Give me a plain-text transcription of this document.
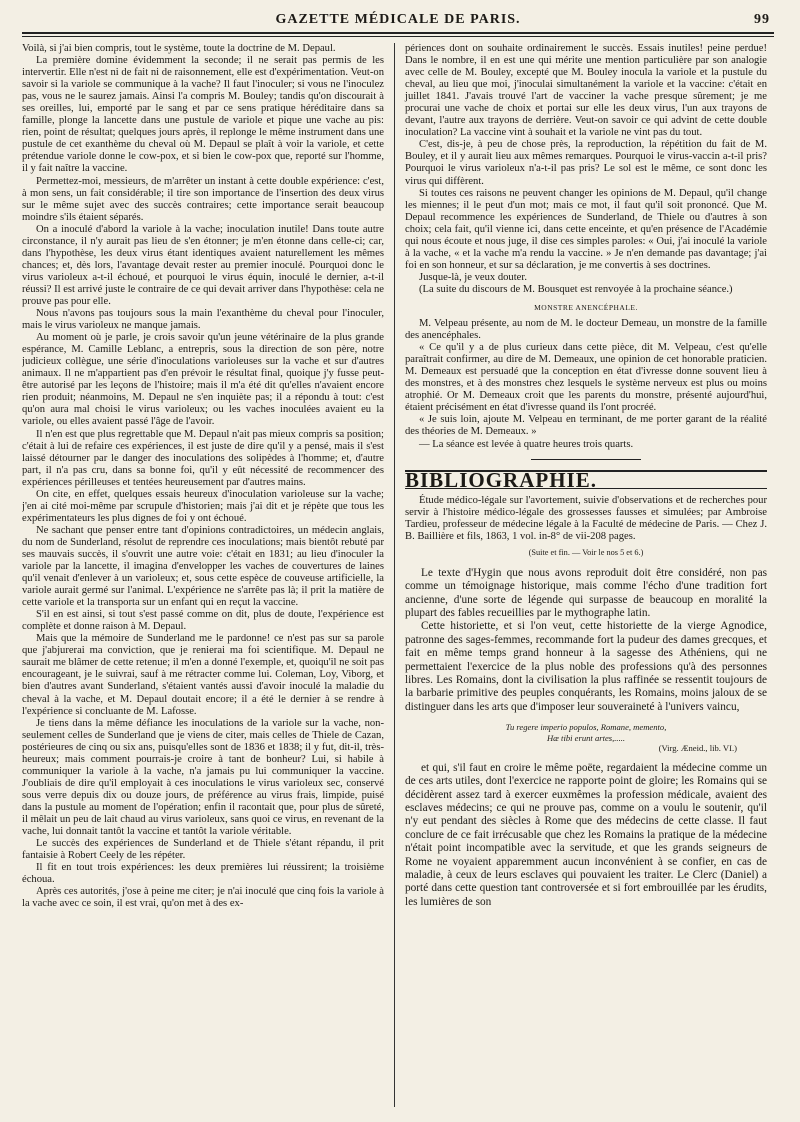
GAZETTE MÉDICALE DE PARIS.	99

Voilà, si j'ai bien compris, tout le système, toute la doctrine de M. Depaul.

La première domine évidemment la seconde; il ne serait pas permis de les intervertir. Elle n'est ni de fait ni de raisonnement, elle est d'expérimentation. Veut-on savoir si la variole se communique à la vache? Il faut l'inoculer; si vous ne l'inoculez pas, vous ne le saurez jamais. Ainsi l'a compris M. Bouley; tandis qu'on discourait à ses oreilles, lui, emporté par le sang et par ce sens pratique héréditaire dans sa famille, plonge la lancette dans une pustule de variole et pique une vache au pis: rien, point de résultat; quelques jours après, il replonge le même instrument dans une pustule de cet exanthème du cheval où M. Depaul se plaît à voir la variole, et cette prétendue variole donne le cow-pox, et si bien le cow-pox que, reporté sur l'homme, il y fait naître la vaccine.

Permettez-moi, messieurs, de m'arrêter un instant à cette double expérience: c'est, à mon sens, un fait considérable; il tire son importance de l'insertion des deux virus sur le même sujet avec des succès contraires; cette importance serait beaucoup moindre s'ils étaient séparés.

On a inoculé d'abord la variole à la vache; inoculation inutile! Dans toute autre circonstance, il n'y aurait pas lieu de s'en étonner; je m'en étonne dans celle-ci; car, dans l'hypothèse, les deux virus étant identiques avaient naturellement les mêmes chances; et, dès lors, l'avantage devait rester au premier inoculé. Pourquoi donc le virus varioleux a-t-il échoué, et pourquoi le virus équin, inoculé le dernier, a-t-il réussi? Il est arrivé juste le contraire de ce qui devait arriver dans l'hypothèse: cela ne prouve pas pour elle.

Nous n'avons pas toujours sous la main l'exanthème du cheval pour l'inoculer, mais le virus varioleux ne manque jamais.

Au moment où je parle, je crois savoir qu'un jeune vétérinaire de la plus grande espérance, M. Camille Leblanc, a entrepris, sous la direction de son père, notre judicieux collègue, une série d'inoculations varioleuses sur la vache et sur d'autres animaux. Il ne m'appartient pas d'en prévoir le résultat final, quoique j'y fusse peut-être autorisé par les leçons de l'histoire; mais il m'a été dit qu'elles n'avaient encore rien produit; néanmoins, M. Depaul ne s'en inquiète pas; il a répondu à tout: c'est qu'on aura mal choisi le virus varioleux; ou les vaches inoculées avaient eu la variole, ou elles avaient passé l'âge de l'avoir.

Il n'en est que plus regrettable que M. Depaul n'ait pas mieux compris sa position; c'était à lui de refaire ces expériences, il est juste de dire qu'il y a pensé, mais il s'est laissé détourner par le danger des inoculations des solipèdes à l'homme; et, d'autre part, il n'a pas cru, dans sa bonne foi, qu'il y eût nécessité de recommencer des expériences périlleuses et tentées heureusement par d'autres mains.

On cite, en effet, quelques essais heureux d'inoculation varioleuse sur la vache; j'en ai cité moi-même par scrupule d'historien; mais j'ai dit et je répète que tous les expérimentateurs les plus dignes de foi y ont échoué.

Ne sachant que penser entre tant d'opinions contradictoires, un médecin anglais, du nom de Sunderland, résolut de reprendre ces inoculations; mais bientôt rebuté par ses mauvais succès, il s'ouvrit une autre voie: c'était en 1831; au lieu d'inoculer la variole par la lancette, il imagina d'envelopper les vaches de couvertures de laines qu'il venait d'enlever à un varioleux; et, sous cette espèce de couveuse artificielle, la variole aurait germé sur l'animal. L'expérience ne s'arrête pas là; il prit la matière de cette variole et la transporta sur un enfant qui en reçut la vaccine.

S'il en est ainsi, si tout s'est passé comme on dit, plus de doute, l'expérience est complète et donne raison à M. Depaul.

Mais que la mémoire de Sunderland me le pardonne! ce n'est pas sur sa parole que j'abjurerai ma conviction, que je renierai ma foi scientifique. M. Depaul ne saurait me blâmer de cette retenue; il m'en a donné l'exemple, et, quoiqu'il ne soit pas encourageant, je le suivrai, sauf à me rétracter comme lui. Coleman, Loy, Viborg, et bien d'autres avant Sunderland, s'étaient vantés aussi d'avoir inoculé la maladie du cheval à la vache, et M. Depaul doutait encore; il a été le dernier à se rendre à l'expérience si concluante de M. Lafosse.

Je tiens dans la même défiance les inoculations de la variole sur la vache, non-seulement celles de Sunderland que je viens de citer, mais celles de Thiele de Cazan, postérieures de cinq ou six ans, puisqu'elles sont de 1836 et 1838; il y fut, dit-il, très-heureux; mais comment pourrais-je croire à tant de bonheur? Lui, si habile à communiquer la variole à la vache, n'a jamais pu lui communiquer la vaccine. J'oubliais de dire qu'il employait à ces inoculations le virus varioleux sec, conservé sous verre depuis dix ou douze jours, de préférence au virus frais, limpide, puisé dans la pustule au moment de l'opération; enfin il racontait que, pour plus de sûreté, il mêlait un peu de lait chaud au virus varioleux, sans quoi ce virus, en revenant de la vache, lui donnait tantôt la vaccine et tantôt la variole véritable.

Le succès des expériences de Sunderland et de Thiele s'étant répandu, il prit fantaisie à Robert Ceely de les répéter.

Il fit en tout trois expériences: les deux premières lui réussirent; la troisième échoua.

Après ces autorités, j'ose à peine me citer; je n'ai inoculé que cinq fois la variole à la vache avec ce soin, il est vrai, qu'on met à des ex-

périences dont on souhaite ordinairement le succès. Essais inutiles! peine perdue! Dans le nombre, il en est une qui mérite une mention particulière par son analogie avec celle de M. Bouley, excepté que M. Bouley inocula la variole et la pustule du cheval, au lieu que moi, j'inoculai simultanément la variole et la vaccine: c'était en juillet 1841. J'avais trouvé l'art de vacciner la vache presque sûrement; je me procurai une vache de choix et portai sur elle les deux virus, l'un aux trayons de devant, l'autre aux trayons de derrière. Veut-on savoir ce qui advint de cette double inoculation? La vaccine vint à souhait et la variole ne vint pas du tout.

C'est, dis-je, à peu de chose près, la reproduction, la répétition du fait de M. Bouley, et il y aurait lieu aux mêmes remarques. Pourquoi le virus-vaccin a-t-il pris? Pourquoi le virus varioleux n'a-t-il pas pris? Le sol est le même, ce sont donc les virus qui diffèrent.

Si toutes ces raisons ne peuvent changer les opinions de M. Depaul, qu'il change les miennes; il le peut d'un mot; mais ce mot, il faut qu'il soit prononcé. Que M. Depaul recommence les expériences de Sunderland, de Thiele ou d'autres à son choix; cela fait, qu'il vienne ici, dans cette enceinte, et qu'en présence de l'Académie qui nous écoute et nous juge, il dise ces simples paroles: « Oui, j'ai inoculé la variole à la vache, « et la vache m'a rendu la vaccine. » Je n'en demande pas davantage; j'ai foi en son honneur, et sur sa déclaration, je me convertis à ses doctrines.

Jusque-là, je veux douter.

(La suite du discours de M. Bousquet est renvoyée à la prochaine séance.)

MONSTRE ANENCÉPHALE.

M. Velpeau présente, au nom de M. le docteur Demeau, un monstre de la famille des anencéphales.

« Ce qu'il y a de plus curieux dans cette pièce, dit M. Velpeau, c'est qu'elle paraîtrait confirmer, au dire de M. Demeaux, une opinion de cet honorable praticien. M. Demeaux est persuadé que la conception en état d'ivresse donne souvent lieu à des monstres, et à des monstres chez lesquels le système nerveux est plus ou moins atrophié. Or M. Demeaux croit que les parents du monstre, présenté aujourd'hui, étaient précisément en état d'ivresse quand ils l'ont procréé.

« Je suis loin, ajoute M. Velpeau en terminant, de me porter garant de la réalité des théories de M. Demeaux. »

— La séance est levée à quatre heures trois quarts.

BIBLIOGRAPHIE.

Étude médico-légale sur l'avortement, suivie d'observations et de recherches pour servir à l'histoire médico-légale des grossesses fausses et simulées; par Ambroise Tardieu, professeur de médecine légale à la Faculté de médecine de Paris. — Chez J. B. Baillière et fils, 1863, 1 vol. in-8° de vii-208 pages.

(Suite et fin. — Voir le nos 5 et 6.)

Le texte d'Hygin que nous avons reproduit doit être considéré, non pas comme un témoignage historique, mais comme l'écho d'une tradition fort ancienne, d'une sorte de légende qui surpasse de beaucoup en moralité la plupart des fables recueillies par le mythographe latin.

Cette historiette, et si l'on veut, cette historiette de la vierge Agnodice, patronne des sages-femmes, recommande fort la pudeur des dames grecques, et fait en même temps grand honneur à la sagesse des Athéniens, qui ne permettaient l'exercice de la plus noble des professions qu'à des personnes libres. Les Romains, dont la civilisation la plus raffinée se ressentit toujours de la barbarie primitive des peuples conquérants, les Romains, moins jaloux de se distinguer dans les arts que d'imposer leur souveraineté à l'univers vaincu,

Tu regere imperio populos, Romane, memento,
Hæ tibi erunt artes,.....
(Virg. Æneid., lib. VI.)

et qui, s'il faut en croire le même poëte, regardaient la médecine comme un de ces arts utiles, dont l'exercice ne rapporte point de gloire; les Romains qui se décidèrent assez tard à exercer euxmêmes la profession médicale, avaient des esclaves médecins; ce qui ne prouve pas, comme on a voulu le soutenir, qu'il n'y eut pendant des siècles à Rome que des médecins de cette classe. Il faut conclure de ce fait irrécusable que chez les Romains la pratique de la médecine n'était point incompatible avec la servitude, et que les grands seigneurs de Rome ne voyaient apparemment aucun inconvénient à se confier, en cas de maladie, à ceux de leurs esclaves qui pouvaient les traiter. Le Clerc (Daniel) a porté dans cette question tant controversée et si fort embrouillée par les érudits, les lumières de son
